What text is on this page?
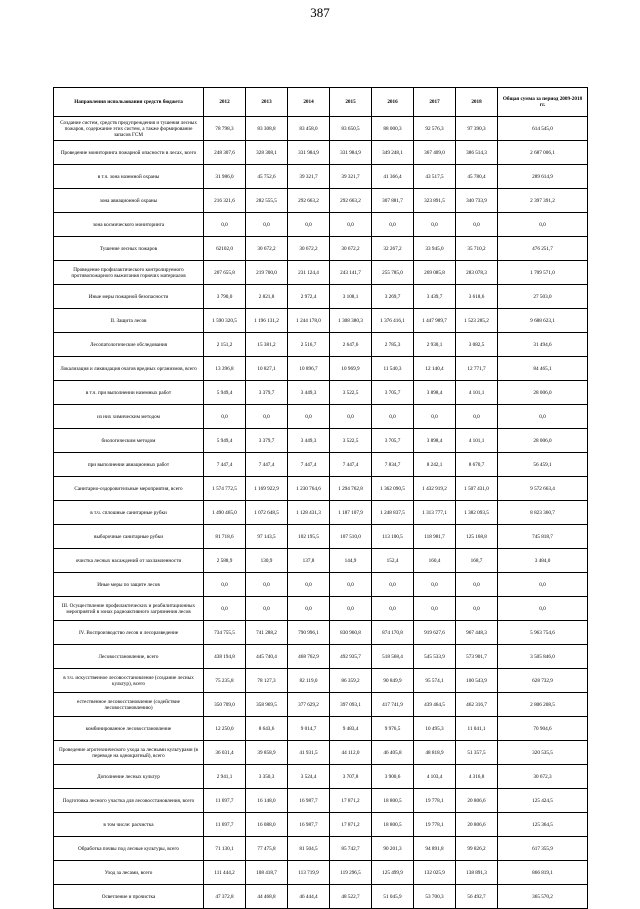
387
Направления использования средств бюджета	2012	2013	2014	2015	2016	2017	2018	Общая сумма за период 2009-2018 гг.
Создание систем, средств предупреждения и тушения лесных пожаров, содержание этих систем, а также формирование запасов ГСМ	78 798,3	83 308,8	83 458,0	83 650,5	88 000,3	92 576,3	97 390,3	614 545,0
Проведение мониторинга пожарной опасности в лесах, всего	248 307,6	328 308,1	331 984,9	331 984,9	349 248,1	367 409,0	386 514,3	2 687 006,1
в т.ч. зона наземной охраны	31 986,0	45 752,6	39 321,7	39 321,7	41 366,4	43 517,5	45 780,4	289 614,9
зона авиационной охраны	216 321,6	282 555,5	292 663,2	292 663,2	307 881,7	323 891,5	340 733,9	2 397 391,2
зона космического мониторинга	0,0	0,0	0,0	0,0	0,0	0,0	0,0	0,0
Тушение лесных пожаров	62102,0	30 672,2	30 672,2	30 672,2	32 267,2	33 945,0	35 710,2	476 251,7
Проведение профилактического контролируемого противопожарного выжигания горючих материалов	207 655,8	219 700,0	231 124,4	243 141,7	255 785,0	269 085,8	283 078,3	1 709 571,0
Иные меры пожарной безопасности	3 790,0	2 821,8	2 972,4	3 108,1	3 269,7	3 439,7	3 618,6	27 503,0
II. Защита лесов	1 590 320,5	1 196 131,2	1 244 178,0	1 308 380,3	1 376 416,1	1 447 989,7	1 523 285,2	9 688 623,1
Лесопатологические обследования	2 151,2	15 381,2	2 516,7	2 647,6	2 785,3	2 930,1	3 082,5	31 494,6
Локализация и ликвидация очагов вредных организмов, всего	13 396,8	10 827,1	10 896,7	10 969,9	11 540,3	12 140,4	12 771,7	84 465,1
в т.ч. при выполнении наземных работ	5 949,4	3 379,7	3 449,3	3 522,5	3 705,7	3 898,4	4 101,1	28 006,0
из них химическим методом	0,0	0,0	0,0	0,0	0,0	0,0	0,0	0,0
биологическим методом	5 949,4	3 379,7	3 449,3	3 522,5	3 705,7	3 898,4	4 101,1	28 006,0
при выполнении авиационных работ	7 447,4	7 447,4	7 447,4	7 447,4	7 834,7	8 242,1	8 670,7	56 459,1
Санитарно-оздоровительные мероприятия, всего	1 574 772,5	1 169 922,9	1 230 764,6	1 294 762,8	1 362 090,5	1 432 919,2	1 507 431,0	9 572 663,4
в т.ч. сплошные санитарные рубки	1 490 465,0	1 072 648,5	1 128 431,3	1 187 107,9	1 248 837,5	1 313 777,1	1 382 093,5	8 823 360,7
выборочные санитарные рубки	81 718,6	97 143,5	102 195,5	107 510,0	113 100,5	118 981,7	125 168,8	745 818,7
очистка лесных насаждений от захламленности	2 588,9	130,9	137,8	144,9	152,4	160,4	168,7	3 484,0
Иные меры по защите лесов	0,0	0,0	0,0	0,0	0,0	0,0	0,0	0,0
III. Осуществление профилактических и реабилитационных мероприятий в зонах радиоактивного загрязнения лесов	0,0	0,0	0,0	0,0	0,0	0,0	0,0	0,0
IV. Воспроизводство лесов и лесоразведение	734 755,5	741 288,2	790 996,1	830 960,8	874 170,8	919 627,6	967 448,3	5 963 754,6
Лесовосстановление, всего	438 194,8	445 740,4	468 762,9	492 935,7	518 568,4	545 533,9	573 901,7	3 505 846,0
в т.ч. искусственное лесовосстановление (создание лесных культур), всего	75 235,8	78 127,3	82 119,0	86 359,2	90 849,9	95 574,1	100 543,9	628 732,9
естественное лесовосстановление (содействие лесовосстановлению)	350 709,0	358 969,5	377 629,2	397 093,1	417 741,9	439 464,5	462 316,7	2 806 208,5
комбинированное лесовосстановление	12 250,0	8 643,6	9 014,7	9 483,4	9 976,5	10 495,3	11 041,1	70 904,6
Проведение агротехнического ухода за лесными культурами (в переводе на однократный), всего	36 031,4	39 858,9	41 931,5	44 112,0	46 405,8	48 818,9	51 357,5	320 535,5
Дополнение лесных культур	2 941,1	3 350,3	3 524,4	3 707,8	3 900,6	4 103,4	4 316,8	30 672,3
Подготовка лесного участка для лесовосстановления, всего	11 697,7	16 148,0	16 987,7	17 871,2	18 800,5	19 778,1	20 806,6	125 424,5
в том числе: расчистка	11 697,7	16 088,0	16 987,7	17 871,2	18 800,5	19 778,1	20 806,6	125 364,5
Обработка почвы под лесные культуры, всего	71 130,1	77 475,8	81 504,5	85 742,7	90 201,3	94 891,8	99 826,2	617 355,9
Уход за лесами, всего	111 444,2	108 418,7	113 719,9	119 296,5	125 499,9	132 025,9	138 891,3	866 819,1
Осветление и прочистка	47 372,8	44 468,8	46 444,4	48 522,7	51 045,9	53 700,3	56 492,7	365 570,2
